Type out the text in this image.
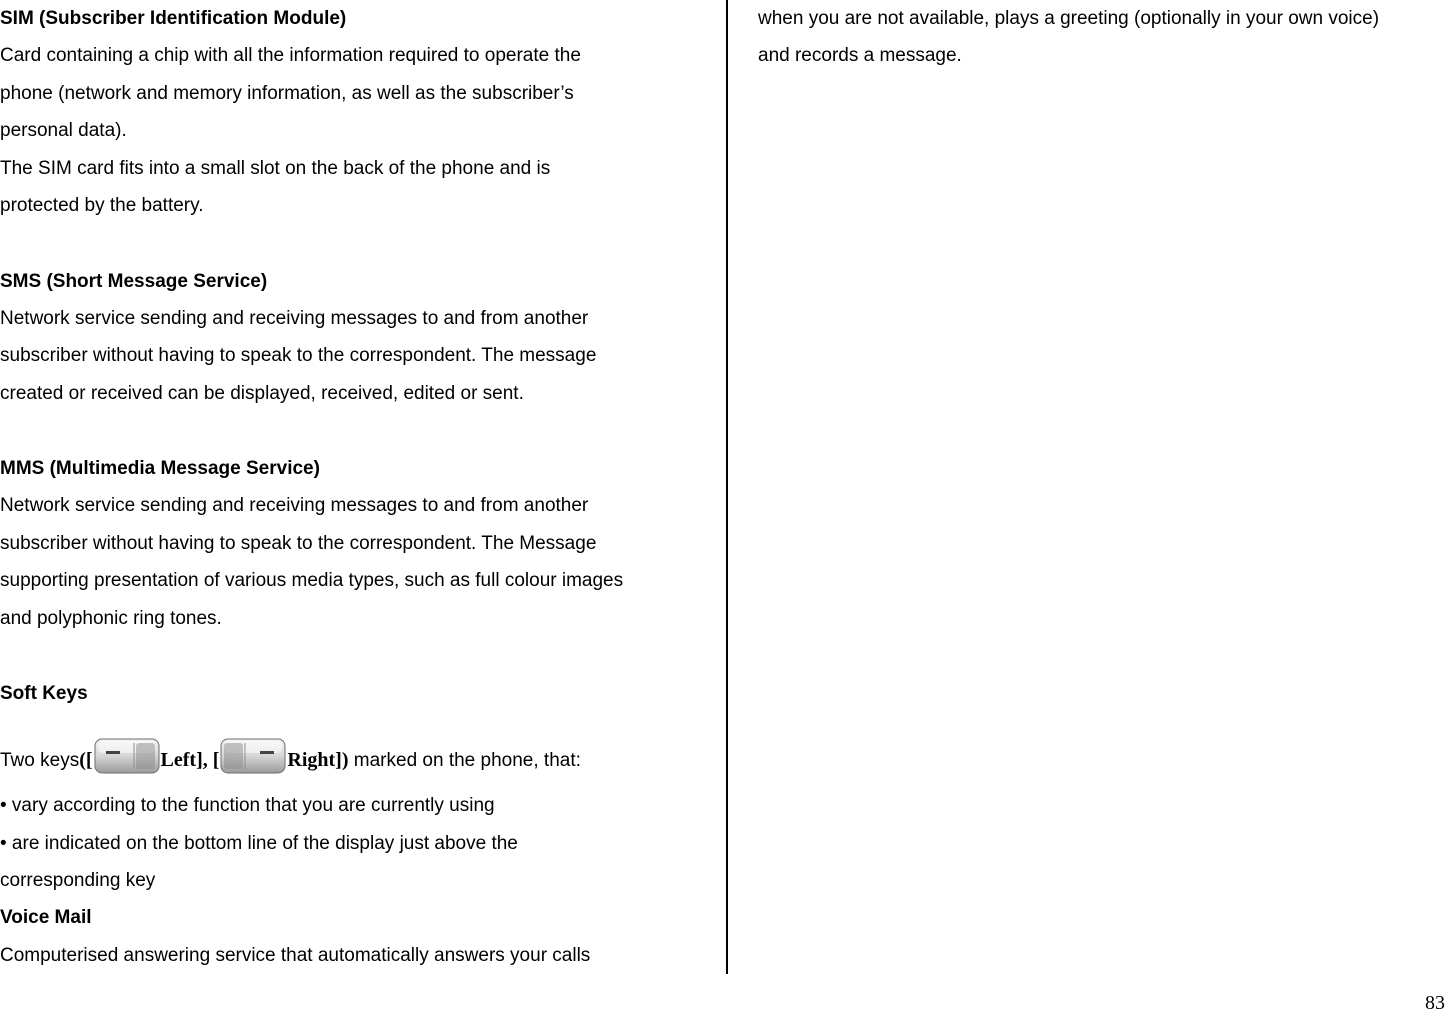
SIM (Subscriber Identification Module)
Card containing a chip with all the information required to operate the
phone (network and memory information, as well as the subscriber’s
personal data).
The SIM card fits into a small slot on the back of the phone and is
protected by the battery.
SMS (Short Message Service)
Network service sending and receiving messages to and from another
subscriber without having to speak to the correspondent. The message
created or received can be displayed, received, edited or sent.
MMS (Multimedia Message Service)
Network service sending and receiving messages to and from another
subscriber without having to speak to the correspondent. The Message
supporting presentation of various media types, such as full colour images
and polyphonic ring tones.
Soft Keys
Two keys([	Left], [	Right]) marked on the phone, that:
• vary according to the function that you are currently using
• are indicated on the bottom line of the display just above the
corresponding key
Voice Mail
Computerised answering service that automatically answers your calls
when you are not available, plays a greeting (optionally in your own voice)
and records a message.
83
